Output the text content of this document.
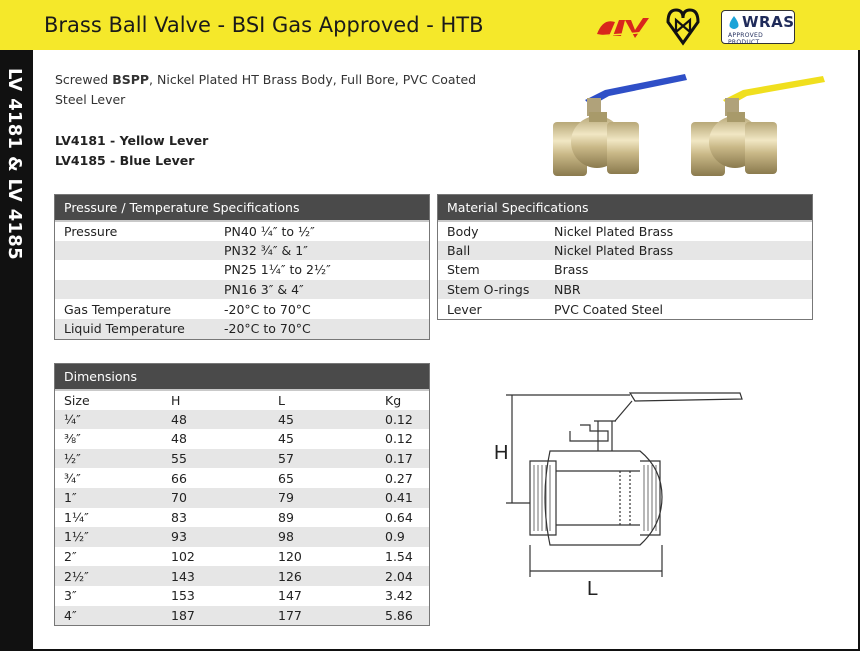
Brass Ball Valve - BSI Gas Approved - HTB	WRAS
APPROVED PRODUCT
LV 4181 & LV 4185 Screwed BSPP, Nickel Plated HT Brass Body, Full Bore, PVC Coated Steel Lever
LV4181 - Yellow Lever
LV4185 - Blue Lever
Pressure / Temperature Specifications	
Pressure	PN40 ¼″ to ½″
	PN32 ¾″ & 1″
	PN25 1¼″ to 2½″
	PN16 3″ & 4″
Gas Temperature	-20°C to 70°C
Liquid Temperature	-20°C to 70°C
Material Specifications	
Body	Nickel Plated Brass
Ball	Nickel Plated Brass
Stem	Brass
Stem O-rings	NBR
Lever	PVC Coated Steel
Dimensions			
Size	H	L	Kg
¼″	48	45	0.12
⅜″	48	45	0.12
½″	55	57	0.17
¾″	66	65	0.27
1″	70	79	0.41
1¼″	83	89	0.64
1½″	93	98	0.9
2″	102	120	1.54
2½″	143	126	2.04
3″	153	147	3.42
4″	187	177	5.86
H
L
